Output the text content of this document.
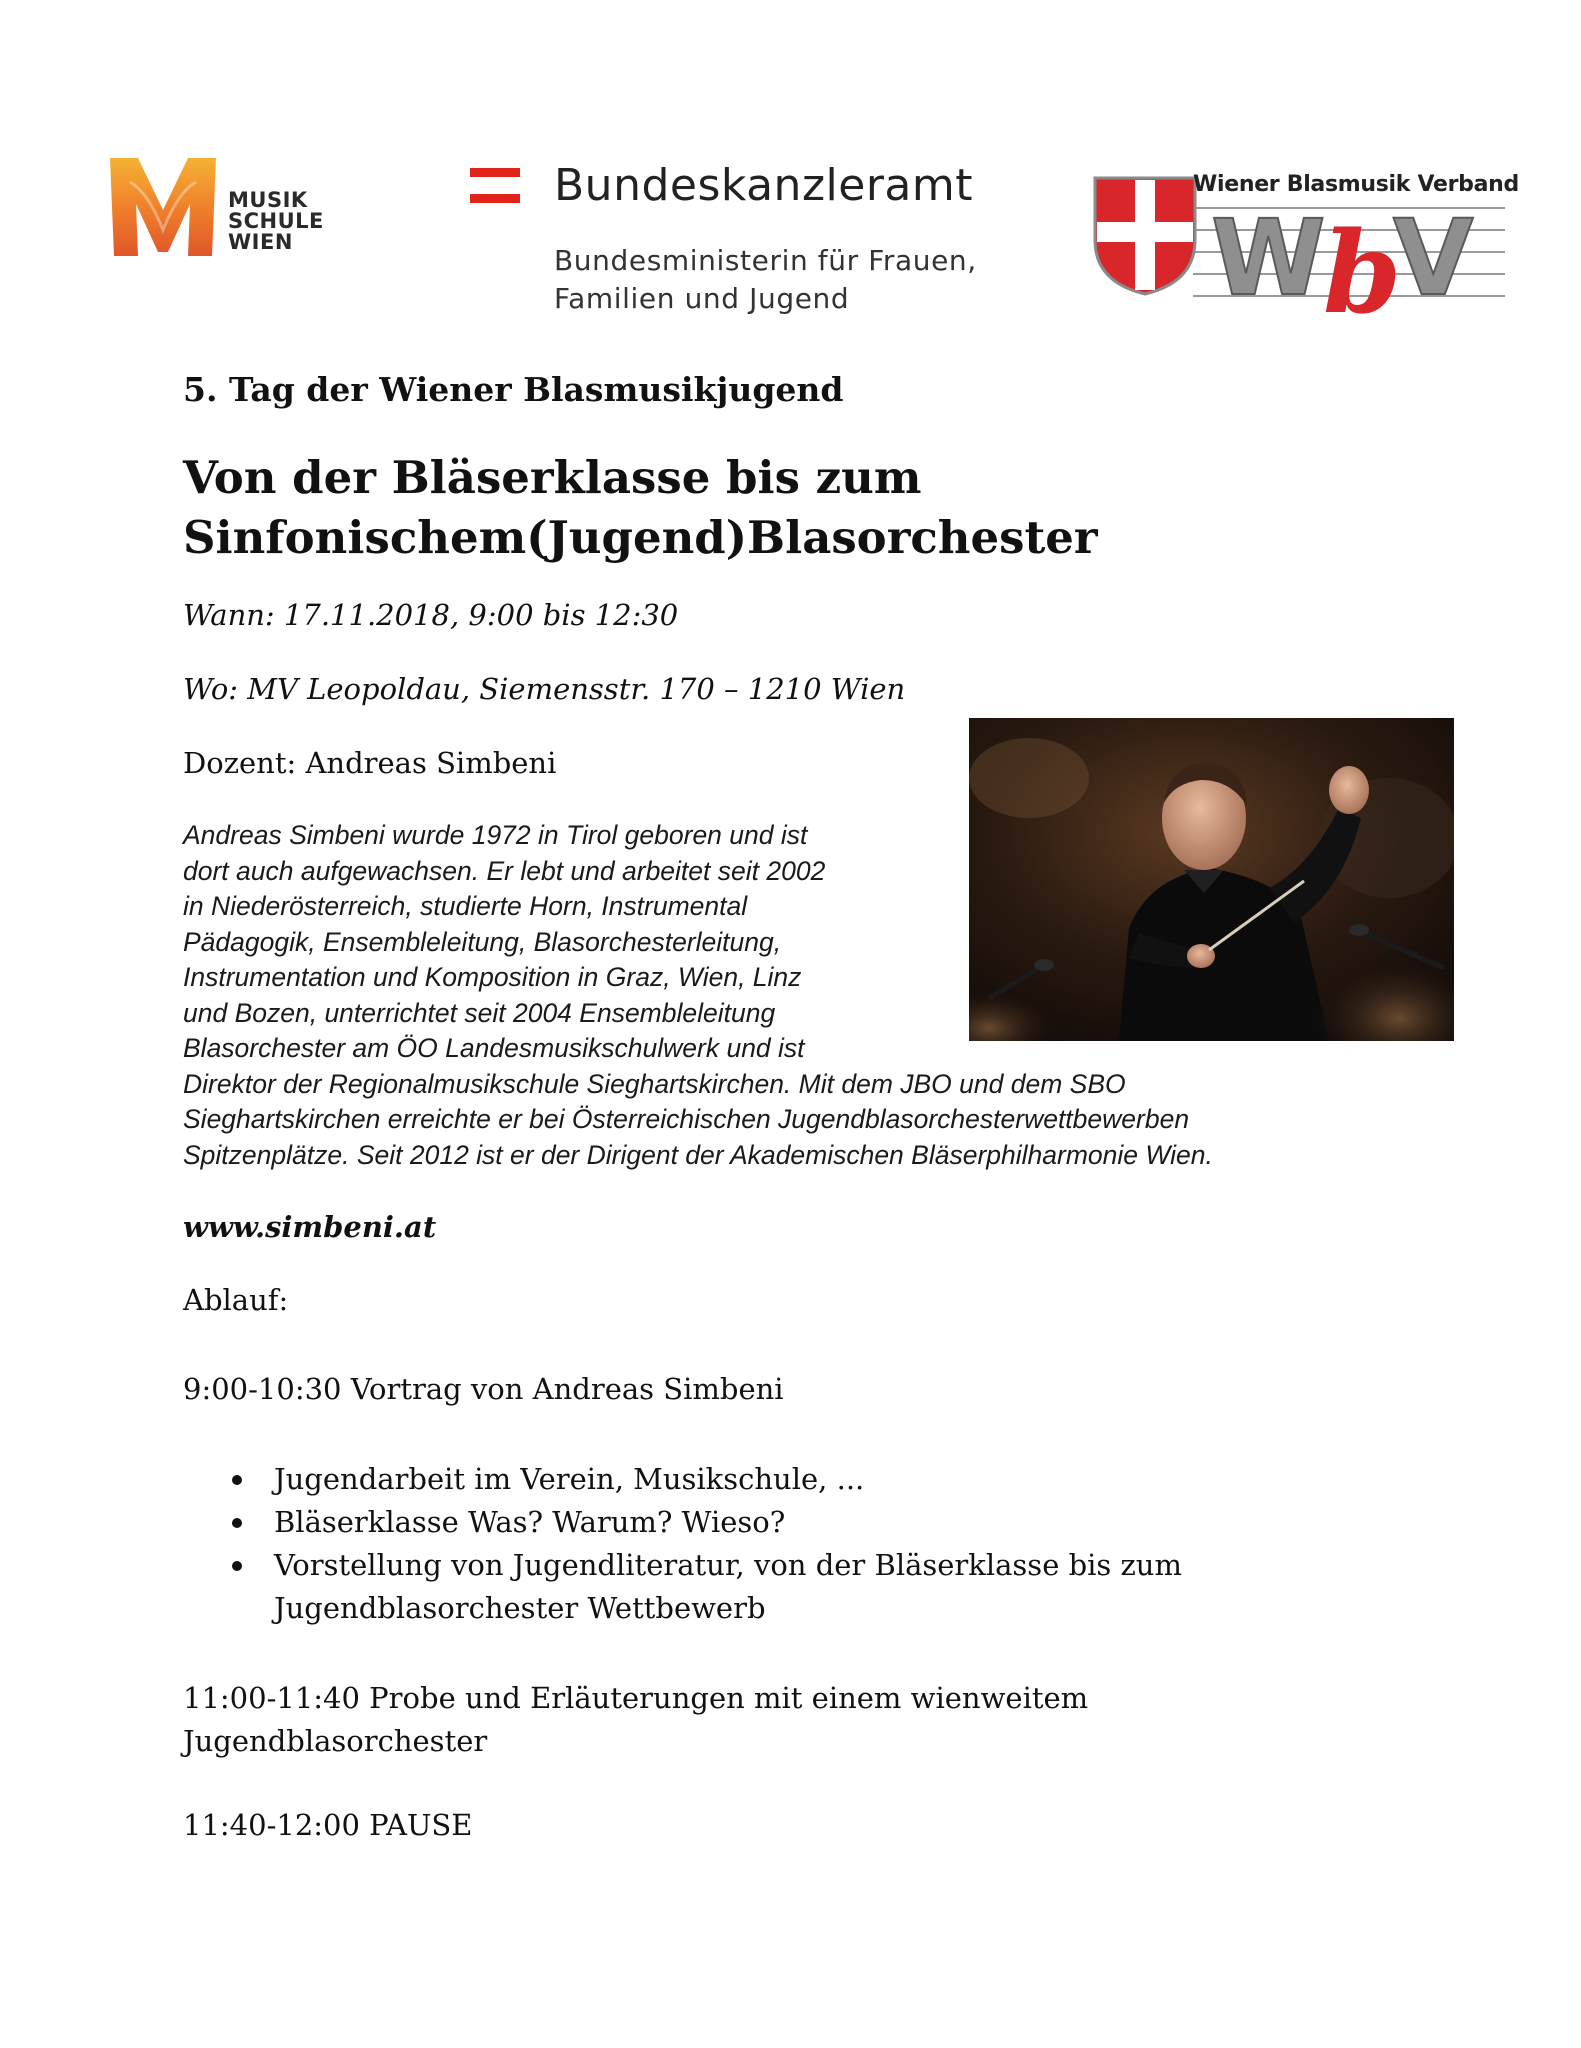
MUSIK
SCHULE
WIEN
Bundeskanzleramt
Bundesministerin für Frauen,
Familien und Jugend	W
b
V
Wiener Blasmusik Verband
5. Tag der Wiener Blasmusikjugend
Von der Bläserklasse bis zum
Sinfonischem(Jugend)Blasorchester
Wann: 17.11.2018, 9:00 bis 12:30
Wo: MV Leopoldau, Siemensstr. 170 – 1210 Wien
Dozent: Andreas Simbeni
Andreas Simbeni wurde 1972 in Tirol geboren und ist
dort auch aufgewachsen. Er lebt und arbeitet seit 2002
in Niederösterreich, studierte Horn, Instrumental
Pädagogik, Ensembleleitung, Blasorchesterleitung,
Instrumentation und Komposition in Graz, Wien, Linz
und Bozen, unterrichtet seit 2004 Ensembleleitung
Blasorchester am ÖO Landesmusikschulwerk und ist
Direktor der Regionalmusikschule Sieghartskirchen. Mit dem JBO und dem SBO
Sieghartskirchen erreichte er bei Österreichischen Jugendblasorchesterwettbewerben
Spitzenplätze. Seit 2012 ist er der Dirigent der Akademischen Bläserphilharmonie Wien.
www.simbeni.at
Ablauf:
9:00-10:30 Vortrag von Andreas Simbeni
Jugendarbeit im Verein, Musikschule, ...
Bläserklasse Was? Warum? Wieso?
Vorstellung von Jugendliteratur, von der Bläserklasse bis zum
Jugendblasorchester Wettbewerb
11:00-11:40 Probe und Erläuterungen mit einem wienweitem
Jugendblasorchester
11:40-12:00 PAUSE
